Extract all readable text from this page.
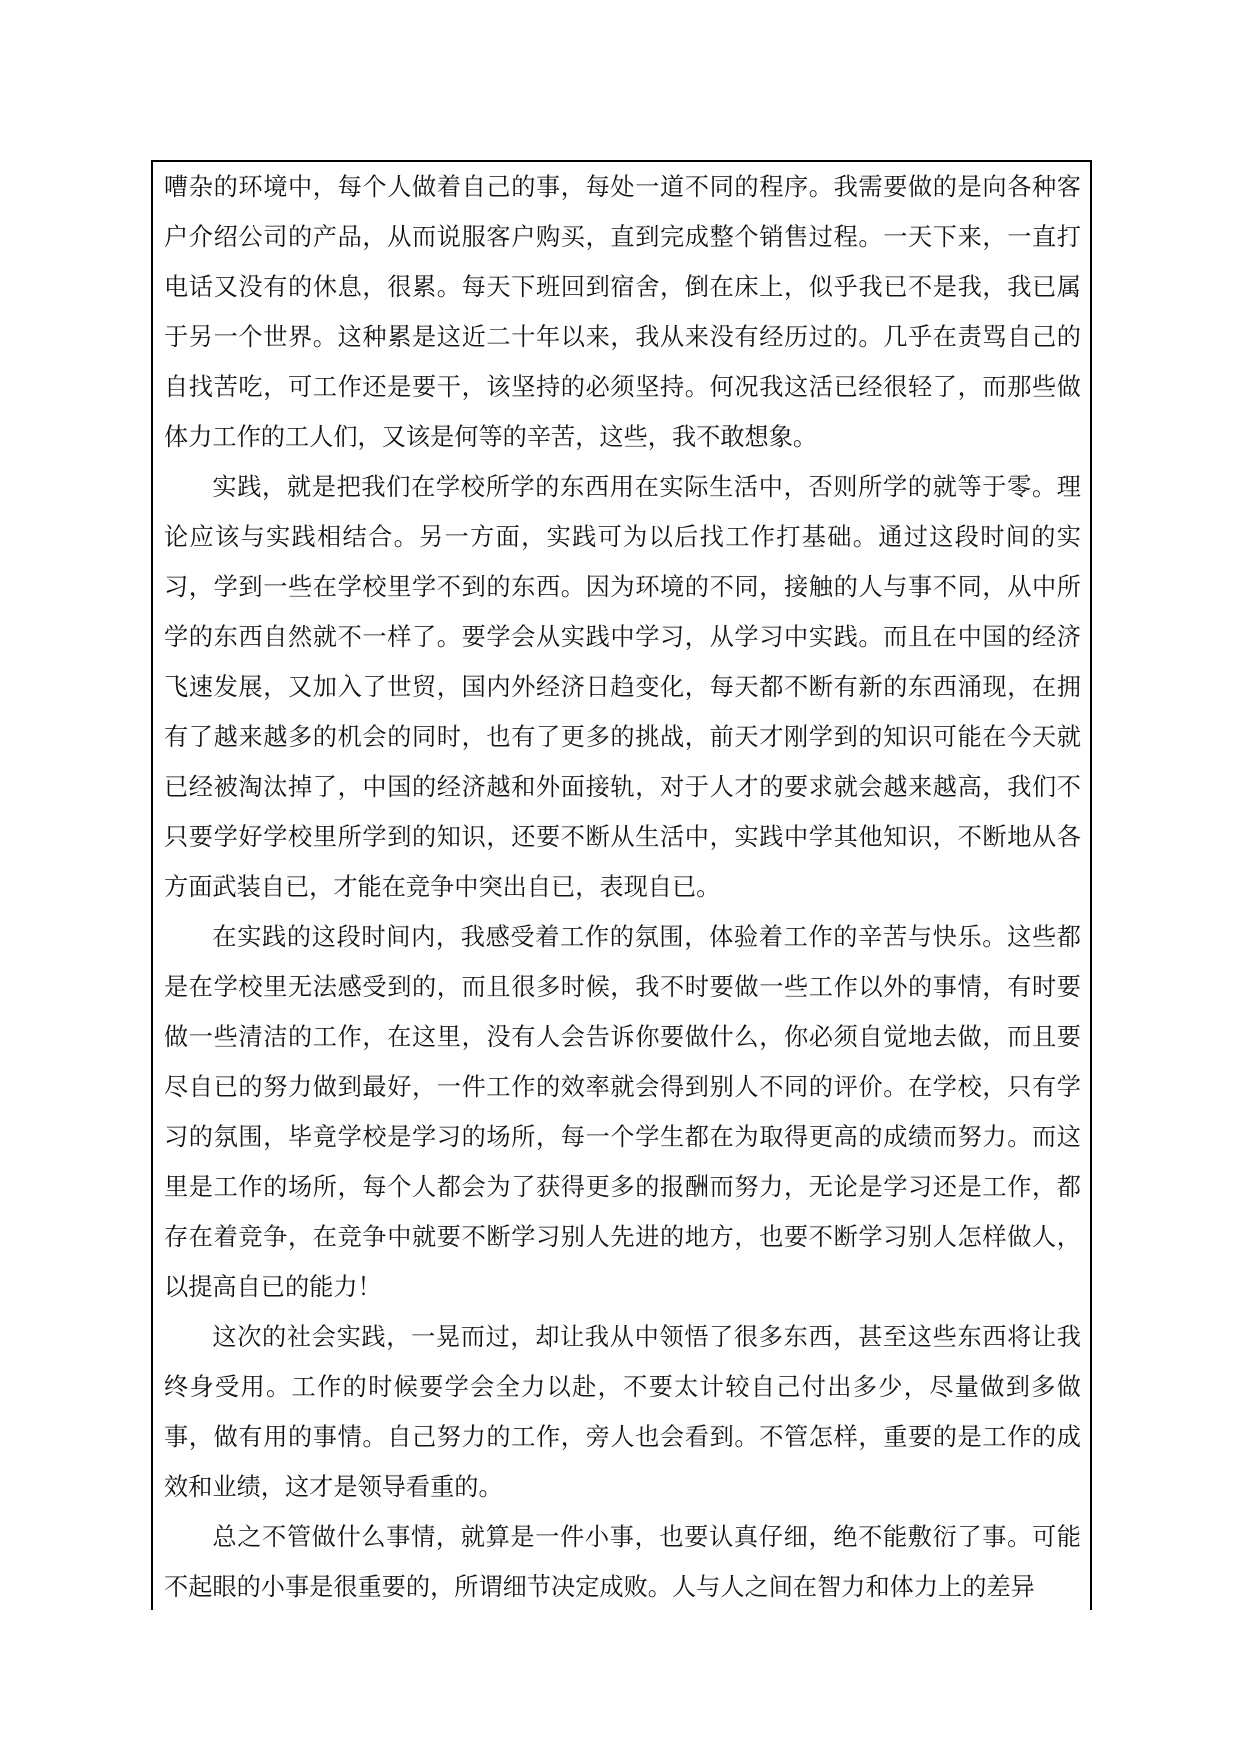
嘈杂的环境中，每个人做着自己的事，每处一道不同的程序。我需要做的是向各种客户介绍公司的产品，从而说服客户购买，直到完成整个销售过程。一天下来，一直打电话又没有的休息，很累。每天下班回到宿舍，倒在床上，似乎我已不是我，我已属于另一个世界。这种累是这近二十年以来，我从来没有经历过的。几乎在责骂自己的自找苦吃，可工作还是要干，该坚持的必须坚持。何况我这活已经很轻了，而那些做体力工作的工人们，又该是何等的辛苦，这些，我不敢想象。

实践，就是把我们在学校所学的东西用在实际生活中，否则所学的就等于零。理论应该与实践相结合。另一方面，实践可为以后找工作打基础。通过这段时间的实习，学到一些在学校里学不到的东西。因为环境的不同，接触的人与事不同，从中所学的东西自然就不一样了。要学会从实践中学习，从学习中实践。而且在中国的经济飞速发展，又加入了世贸，国内外经济日趋变化，每天都不断有新的东西涌现，在拥有了越来越多的机会的同时，也有了更多的挑战，前天才刚学到的知识可能在今天就已经被淘汰掉了，中国的经济越和外面接轨，对于人才的要求就会越来越高，我们不只要学好学校里所学到的知识，还要不断从生活中，实践中学其他知识，不断地从各方面武装自已，才能在竞争中突出自已，表现自已。

在实践的这段时间内，我感受着工作的氛围，体验着工作的辛苦与快乐。这些都是在学校里无法感受到的，而且很多时候，我不时要做一些工作以外的事情，有时要做一些清洁的工作，在这里，没有人会告诉你要做什么，你必须自觉地去做，而且要尽自已的努力做到最好，一件工作的效率就会得到别人不同的评价。在学校，只有学习的氛围，毕竟学校是学习的场所，每一个学生都在为取得更高的成绩而努力。而这里是工作的场所，每个人都会为了获得更多的报酬而努力，无论是学习还是工作，都存在着竞争，在竞争中就要不断学习别人先进的地方，也要不断学习别人怎样做人，以提高自已的能力！

这次的社会实践，一晃而过，却让我从中领悟了很多东西，甚至这些东西将让我终身受用。工作的时候要学会全力以赴，不要太计较自己付出多少，尽量做到多做事，做有用的事情。自己努力的工作，旁人也会看到。不管怎样，重要的是工作的成效和业绩，这才是领导看重的。

总之不管做什么事情，就算是一件小事，也要认真仔细，绝不能敷衍了事。可能不起眼的小事是很重要的，所谓细节决定成败。人与人之间在智力和体力上的差异
